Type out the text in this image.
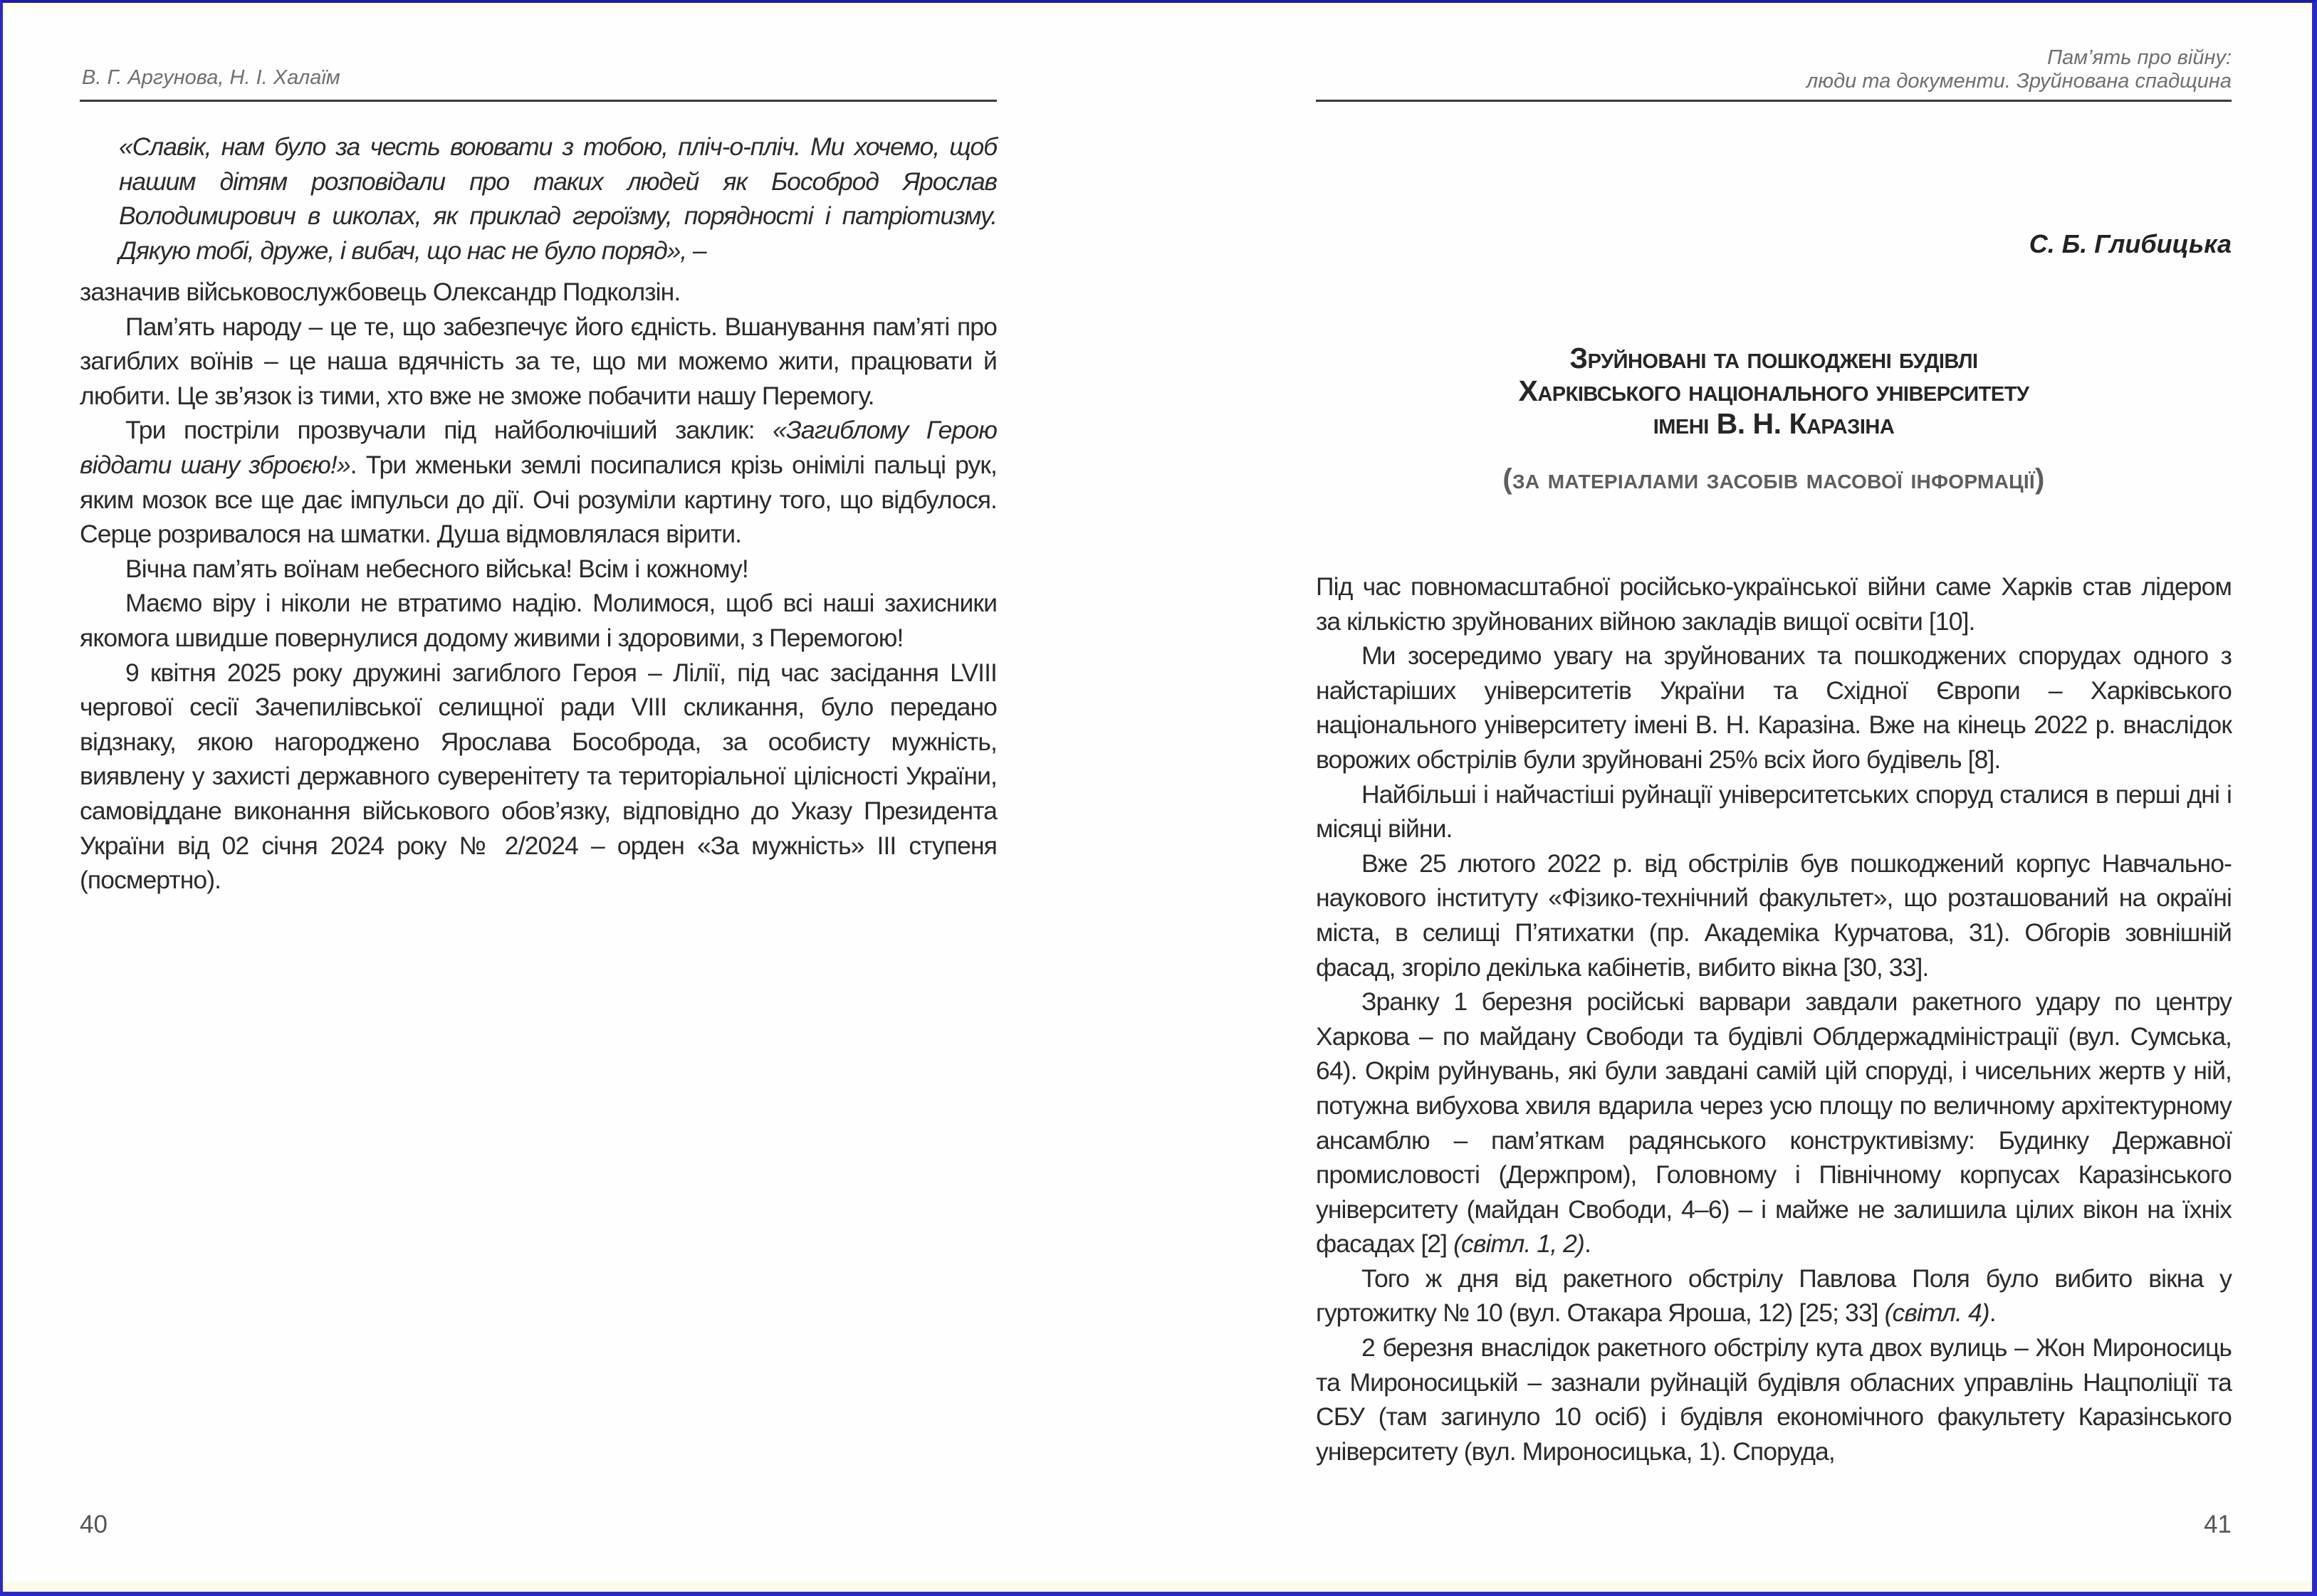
В. Г. Аргунова, Н. І. Халаїм

«Славік, нам було за честь воювати з тобою, пліч-о-пліч. Ми хочемо, щоб нашим дітям розповідали про таких людей як Бособрод Ярослав Володимирович в школах, як приклад героїзму, порядності і патріотизму. Дякую тобі, друже, і вибач, що нас не було поряд», –

зазначив військовослужбовець Олександр Подколзін.

Пам’ять народу – це те, що забезпечує його єдність. Вшанування пам’яті про загиблих воїнів – це наша вдячність за те, що ми можемо жити, працювати й любити. Це зв’язок із тими, хто вже не зможе побачити нашу Перемогу.

Три постріли прозвучали під найболючіший заклик: «Загиблому Герою віддати шану зброєю!». Три жменьки землі посипалися крізь онімілі пальці рук, яким мозок все ще дає імпульси до дії. Очі розуміли картину того, що відбулося. Серце розривалося на шматки. Душа відмовлялася вірити.

Вічна пам’ять воїнам небесного війська! Всім і кожному!

Маємо віру і ніколи не втратимо надію. Молимося, щоб всі наші захисники якомога швидше повернулися додому живими і здоровими, з Перемогою!

9 квітня 2025 року дружині загиблого Героя – Лілії, під час засідання LVIII чергової сесії Зачепилівської селищної ради VIII скликання, було передано відзнаку, якою нагороджено Ярослава Бособрода, за особисту мужність, виявлену у захисті державного суверенітету та територіальної цілісності України, самовіддане виконання військового обов’язку, відповідно до Указу Президента України від 02 січня 2024 року № 2/2024 – орден «За мужність» III ступеня (посмертно).

40
Пам’ять про війну:
люди та документи. Зруйнована спадщина
С. Б. Глибицька
Зруйновані та пошкоджені будівлі
Харківського національного університету
імені В. Н. Каразіна
(за матеріалами засобів масової інформації)

Під час повномасштабної російсько-української війни саме Харків став лідером за кількістю зруйнованих війною закладів вищої освіти [10].

Ми зосередимо увагу на зруйнованих та пошкоджених спорудах одного з найстаріших університетів України та Східної Європи – Харківського національного університету імені В. Н. Каразіна. Вже на кінець 2022 р. внаслідок ворожих обстрілів були зруйновані 25% всіх його будівель [8].

Найбільші і найчастіші руйнації університетських споруд сталися в перші дні і місяці війни.

Вже 25 лютого 2022 р. від обстрілів був пошкоджений корпус Навчально-наукового інституту «Фізико-технічний факультет», що розташований на окраїні міста, в селищі П’ятихатки (пр. Академіка Курчатова, 31). Обгорів зовнішній фасад, згоріло декілька кабінетів, вибито вікна [30, 33].

Зранку 1 березня російські варвари завдали ракетного удару по центру Харкова – по майдану Свободи та будівлі Облдержадміністрації (вул. Сумська, 64). Окрім руйнувань, які були завдані самій цій споруді, і чисельних жертв у ній, потужна вибухова хвиля вдарила через усю площу по величному архітектурному ансамблю – пам’яткам радянського конструктивізму: Будинку Державної промисловості (Держпром), Головному і Північному корпусах Каразінського університету (майдан Свободи, 4–6) – і майже не залишила цілих вікон на їхніх фасадах [2] (світл. 1, 2).

Того ж дня від ракетного обстрілу Павлова Поля було вибито вікна у гуртожитку № 10 (вул. Отакара Яроша, 12) [25; 33] (світл. 4).

2 березня внаслідок ракетного обстрілу кута двох вулиць – Жон Мироносиць та Мироносицькій – зазнали руйнацій будівля обласних управлінь Нацполіції та СБУ (там загинуло 10 осіб) і будівля економічного факультету Каразінського університету (вул. Мироносицька, 1). Споруда,

41
